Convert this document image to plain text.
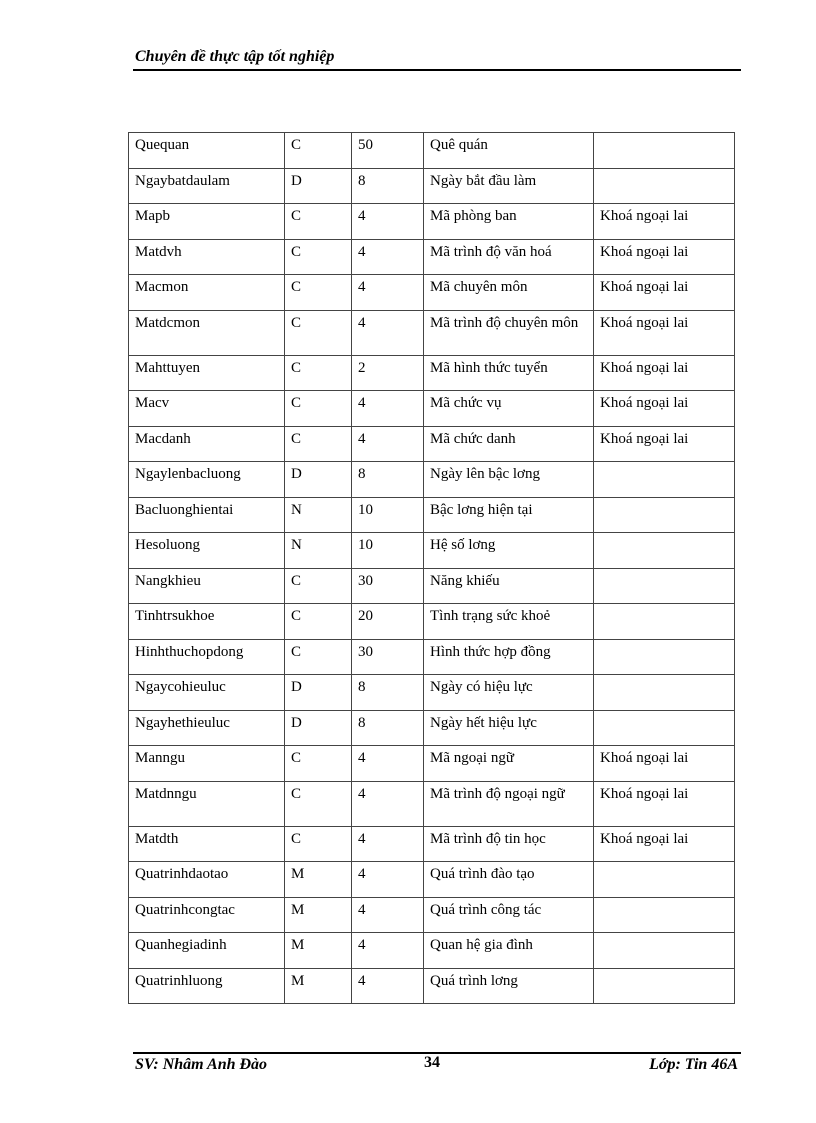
Chuyên đề thực tập tốt nghiệp
Quequan	C	50	Quê quán	
Ngaybatdaulam	D	8	Ngày bắt đầu làm	
Mapb	C	4	Mã phòng ban	Khoá ngoại lai
Matdvh	C	4	Mã trình độ văn hoá	Khoá ngoại lai
Macmon	C	4	Mã chuyên môn	Khoá ngoại lai
Matdcmon	C	4	Mã trình độ chuyên môn	Khoá ngoại lai
Mahttuyen	C	2	Mã hình thức tuyển	Khoá ngoại lai
Macv	C	4	Mã chức vụ	Khoá ngoại lai
Macdanh	C	4	Mã chức danh	Khoá ngoại lai
Ngaylenbacluong	D	8	Ngày lên bậc lơng	
Bacluonghientai	N	10	Bậc lơng hiện tại	
Hesoluong	N	10	Hệ số lơng	
Nangkhieu	C	30	Năng khiếu	
Tinhtrsukhoe	C	20	Tình trạng sức khoẻ	
Hinhthuchopdong	C	30	Hình thức hợp đồng	
Ngaycohieuluc	D	8	Ngày có hiệu lực	
Ngayhethieuluc	D	8	Ngày hết hiệu lực	
Manngu	C	4	Mã ngoại ngữ	Khoá ngoại lai
Matdnngu	C	4	Mã trình độ ngoại ngữ	Khoá ngoại lai
Matdth	C	4	Mã trình độ tin học	Khoá ngoại lai
Quatrinhdaotao	M	4	Quá trình đào tạo	
Quatrinhcongtac	M	4	Quá trình công tác	
Quanhegiadinh	M	4	Quan hệ gia đình	
Quatrinhluong	M	4	Quá trình lơng	
SV: Nhâm Anh Đào	34	Lớp: Tin 46A
